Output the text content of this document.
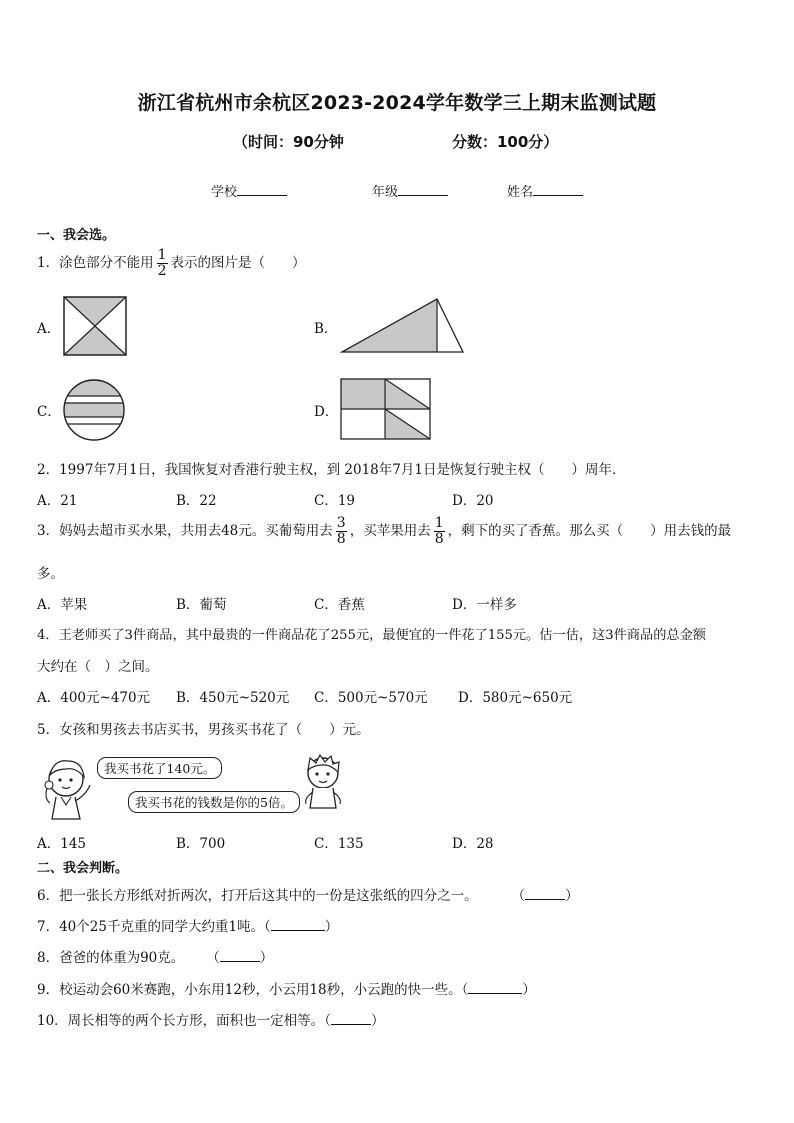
浙江省杭州市余杭区2023-2024学年数学三上期末监测试题
（时间：90分钟	分数：100分）
学校	年级	姓名
一、我会选。
1．涂色部分不能用 $\frac{1}{2}$ 表示的图片是（　　）
A．	B．
C．	D．
2．1997年7月1日，我国恢复对香港行驶主权，到 2018年7月1日是恢复行驶主权（　　）周年．
A．21	B．22	C．19	D．20
3．妈妈去超市买水果，共用去48元。买葡萄用去 $\frac{3}{8}$ ，买苹果用去 $\frac{1}{8}$ ，剩下的买了香蕉。那么买（　　）用去钱的最
多。
A．苹果	B．葡萄	C．香蕉	D．一样多
4．王老师买了3件商品，其中最贵的一件商品花了255元，最便宜的一件花了155元。估一估，这3件商品的总金额
大约在（　）之间。
A．400元~470元 B．450元~520元 C．500元~570元 D．580元~650元
5．女孩和男孩去书店买书，男孩买书花了（　　）元。
我买书花了140元。
我买书花的钱数是你的5倍。
A．145	B．700	C．135	D．28
二、我会判断。
6．把一张长方形纸对折两次，打开后这其中的一份是这张纸的四分之一。	（	）
7．40个25千克重的同学大约重1吨。（	）
8．爸爸的体重为90克。 （	）
9．校运动会60米赛跑，小东用12秒，小云用18秒，小云跑的快一些。（	）
10．周长相等的两个长方形，面积也一定相等。（	）
